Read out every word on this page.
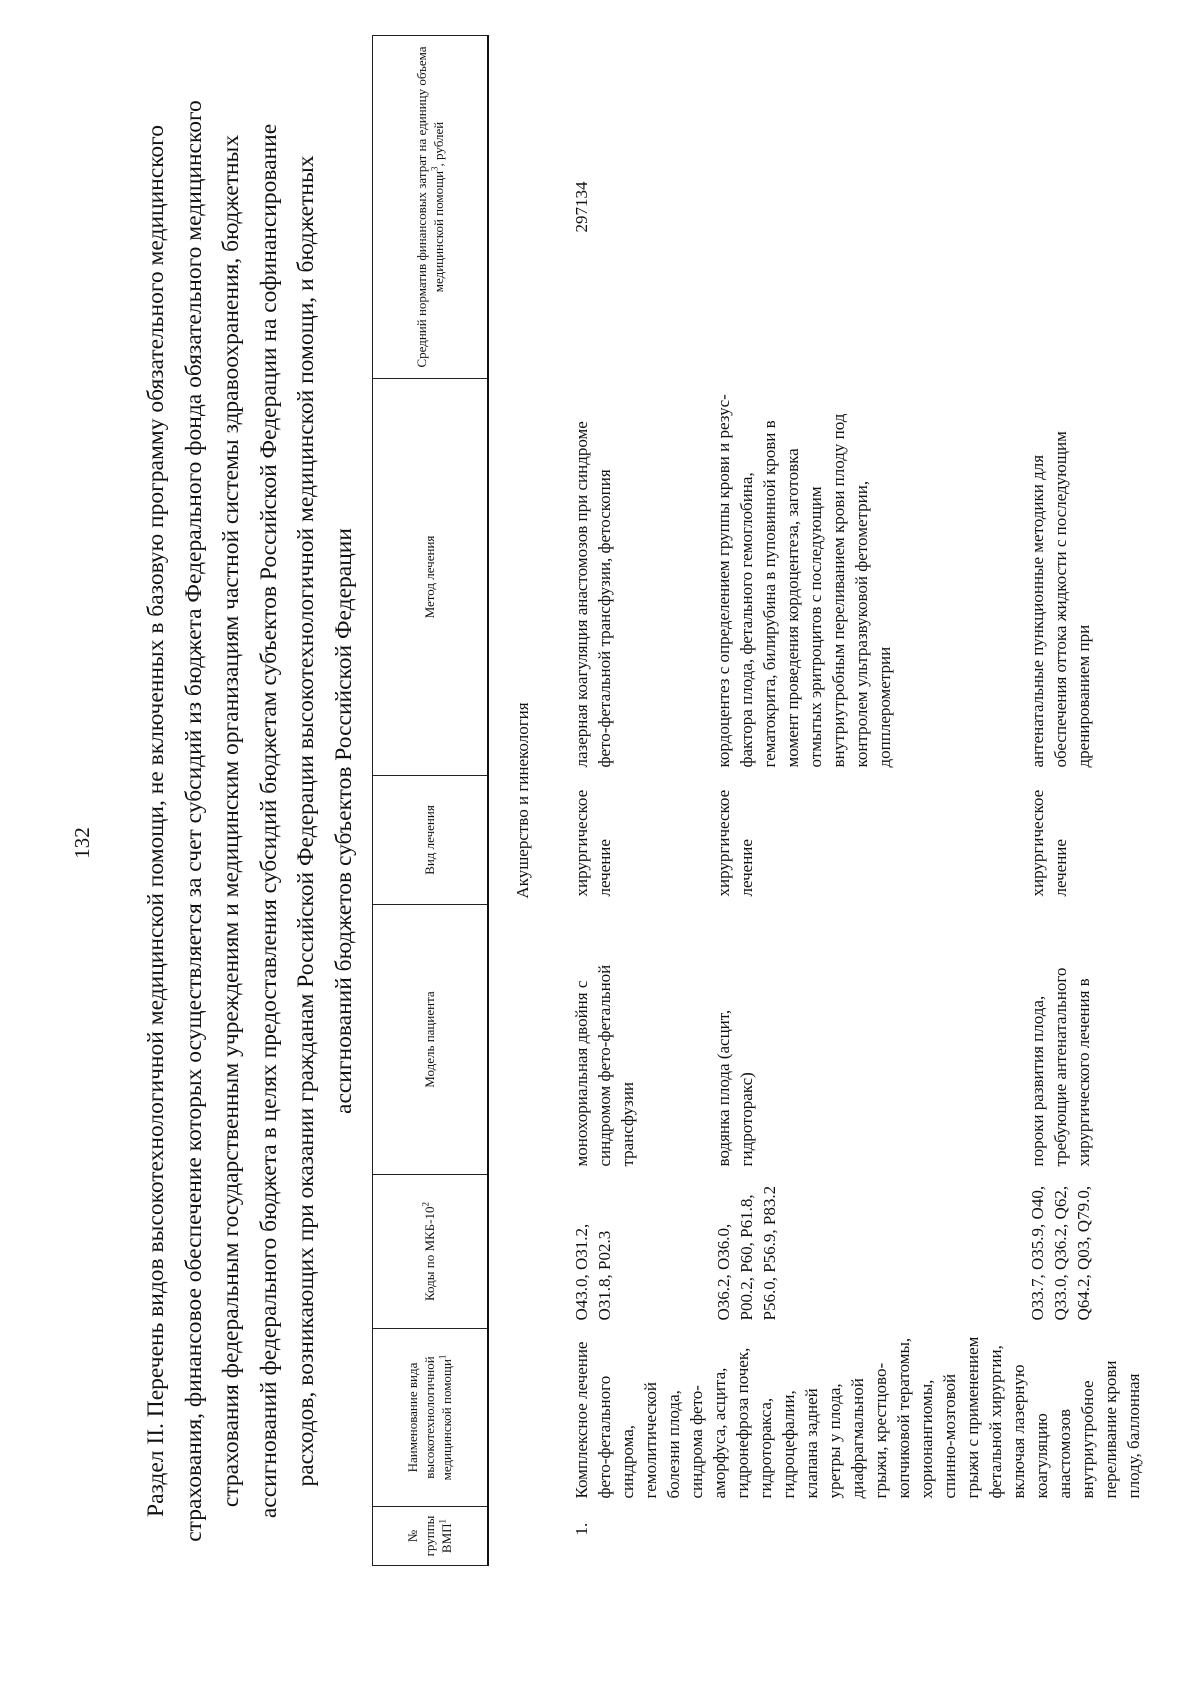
132 Раздел II. Перечень видов высокотехнологичной медицинской помощи, не включенных в базовую программу обязательного медицинского страхования, финансовое обеспечение которых осуществляется за счет субсидий из бюджета Федерального фонда обязательного медицинского страхования федеральным государственным учреждениям и медицинским организациям частной системы здравоохранения, бюджетных ассигнований федерального бюджета в целях предоставления субсидий бюджетам субъектов Российской Федерации на софинансирование расходов, возникающих при оказании гражданам Российской Федерации высокотехнологичной медицинской помощи, и бюджетных ассигнований бюджетов субъектов Российской Федерации
№ группы ВМП$^1$	Наименование вида высокотехнологичной медицинской помощи$^1$	Коды по МКБ-$10^2$	Модель пациента	Вид лечения	Метод лечения	Средний норматив финансовых затрат на единицу объема медицинской помощи$^3$, рублей
Акушерство и гинекология						
1.	Комплексное лечение фето-фетального синдрома, гемолитической болезни плода, синдрома фето-аморфуса, асцита, гидронефроза почек, гидроторакса, гидроцефалии, клапана задней уретры у плода, диафрагмальной грыжи, крестцово-копчиковой тератомы, хорионангиомы, спинно-мозговой грыжи с применением фетальной хирургии, включая лазерную коагуляцию анастомозов внутриутробное переливание крови плоду, баллонная	O43.0, O31.2, O31.8, P02.3	монохориальная двойня с синдромом фето-фетальной трансфузии	хирургическое лечение	лазерная коагуляция анастомозов при синдроме фето-фетальной трансфузии, фетоскопия	297134
		O36.2, O36.0, P00.2, P60, P61.8, P56.0, P56.9, P83.2	водянка плода (асцит, гидроторакс)	хирургическое лечение	кордоцентез с определением группы крови и резус-фактора плода, фетального гемоглобина, гематокрита, билирубина в пуповинной крови в момент проведения кордоцентеза, заготовка отмытых эритроцитов с последующим внутриутробным переливанием крови плоду под контролем ультразвуковой фетометрии, допплерометрии	
		O33.7, O35.9, O40, Q33.0, Q36.2, Q62, Q64.2, Q03, Q79.0,	пороки развития плода, требующие антенатального хирургического лечения в	хирургическое лечение	антенатальные пункционные методики для обеспечения оттока жидкости с последующим дренированием при	
